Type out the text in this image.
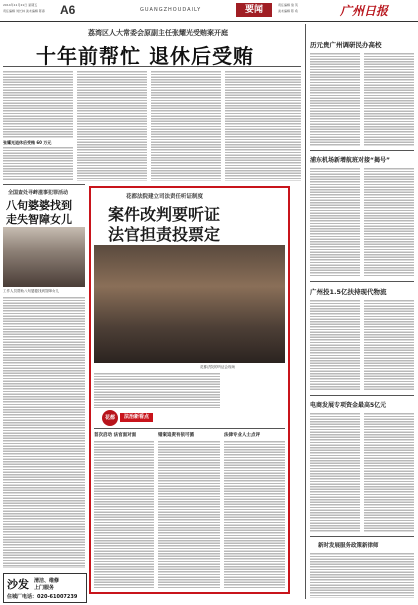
2014年11月21日 星期五
责任编辑 刘长林 美术编辑 陈春 A6	GUANGZHOUDAILY	要闻	责任编辑 詹 英
美术编辑 陈 希	广州日报
荔湾区人大常委会原副主任张耀光受贿案开庭
十年前帮忙 退休后受贿
张耀光退休后受贿 60 万元
全国查处寻衅滋事犯罪活动
八旬婆婆找到
走失智障女儿
工作人员帮助八旬婆婆找到智障女儿
花都法院建立司法责任听证制度
案件改判要听证
法官担责投票定
花都法院的听证会现场
花都	法治新看点
首次启动 法官面对面	错案追责有依可循	法律专业人士点评
历元贵广州调研民办高校
浦东机场新增航班对接“揭号”
广州投1.5亿扶持现代物流
电商发展专项资金最高5亿元
新时发展服务政策新律师
沙发 清洁、维修
上门服务
住城厂电话：020-61007239
